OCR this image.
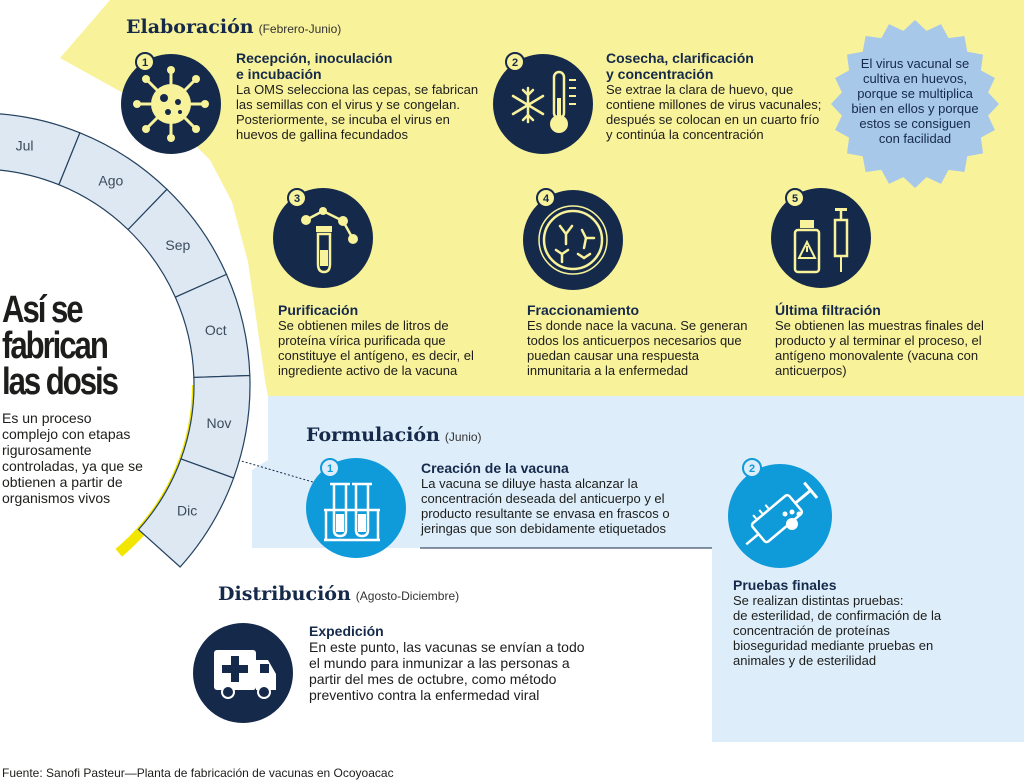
Jul
Ago
Sep
Oct
Nov
Dic
Así se
fabrican
las dosis
Es un proceso
complejo con etapas
rigurosamente
controladas, ya que se
obtienen a partir de
organismos vivos
Elaboración (Febrero-Junio)
Formulación (Junio)
Distribución (Agosto-Diciembre)
1	2
3	4	5
1	2
Recepción, inoculación
e incubación
La OMS selecciona las cepas, se fabrican
las semillas con el virus y se congelan.
Posteriormente, se incuba el virus en
huevos de gallina fecundados
Cosecha, clarificación
y concentración
Se extrae la clara de huevo, que
contiene millones de virus vacunales;
después se colocan en un cuarto frío
y continúa la concentración
El virus vacunal se
cultiva en huevos,
porque se multiplica
bien en ellos y porque
estos se consiguen
con facilidad
Purificación
Se obtienen miles de litros de
proteína vírica purificada que
constituye el antígeno, es decir, el
ingrediente activo de la vacuna
Fraccionamiento
Es donde nace la vacuna. Se generan
todos los anticuerpos necesarios que
puedan causar una respuesta
inmunitaria a la enfermedad
Última filtración
Se obtienen las muestras finales del
producto y al terminar el proceso, el
antígeno monovalente (vacuna con
anticuerpos)
Creación de la vacuna
La vacuna se diluye hasta alcanzar la
concentración deseada del anticuerpo y el
producto resultante se envasa en frascos o
jeringas que son debidamente etiquetados
Pruebas finales
Se realizan distintas pruebas:
de esterilidad, de confirmación de la
concentración de proteínas
bioseguridad mediante pruebas en
animales y de esterilidad
Expedición
En este punto, las vacunas se envían a todo
el mundo para inmunizar a las personas a
partir del mes de octubre, como método
preventivo contra la enfermedad viral
Fuente: Sanofi Pasteur—Planta de fabricación de vacunas en Ocoyoacac
